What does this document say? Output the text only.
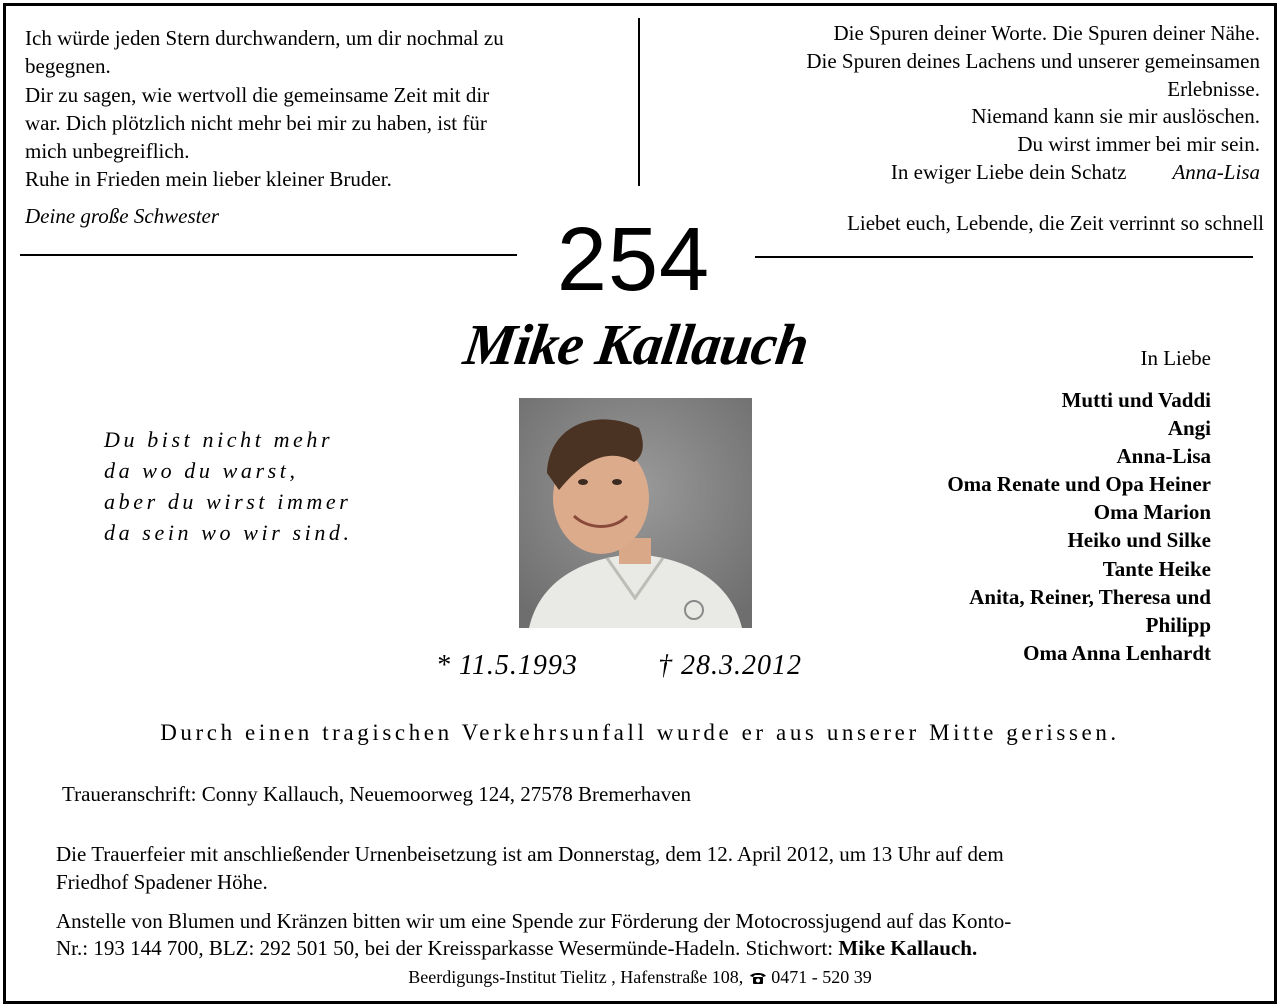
Ich würde jeden Stern durchwandern, um dir nochmal zu
begegnen.
Dir zu sagen, wie wertvoll die gemeinsame Zeit mit dir
war. Dich plötzlich nicht mehr bei mir zu haben, ist für
mich unbegreiflich.
Ruhe in Frieden mein lieber kleiner Bruder.
Deine große Schwester
Die Spuren deiner Worte. Die Spuren deiner Nähe.
Die Spuren deines Lachens und unserer gemeinsamen
Erlebnisse.
Niemand kann sie mir auslöschen.
Du wirst immer bei mir sein.
In ewiger Liebe dein Schatz Anna-Lisa
Liebet euch, Lebende, die Zeit verrinnt so schnell
254
Mike Kallauch	In Liebe
Mutti und Vaddi
Angi
Anna-Lisa
Oma Renate und Opa Heiner
Oma Marion
Heiko und Silke
Tante Heike
Anita, Reiner, Theresa und
Philipp
Oma Anna Lenhardt
Du bist nicht mehr
da wo du warst,
aber du wirst immer
da sein wo wir sind.
* 11.5.1993	† 28.3.2012
Durch einen tragischen Verkehrsunfall wurde er aus unserer Mitte gerissen.
Traueranschrift: Conny Kallauch, Neuemoorweg 124, 27578 Bremerhaven
Die Trauerfeier mit anschließender Urnenbeisetzung ist am Donnerstag, dem 12. April 2012, um 13 Uhr auf dem
Friedhof Spadener Höhe.
Anstelle von Blumen und Kränzen bitten wir um eine Spende zur Förderung der Motocrossjugend auf das Konto-
Nr.: 193 144 700, BLZ: 292 501 50, bei der Kreissparkasse Wesermünde-Hadeln. Stichwort: Mike Kallauch.
Beerdigungs-Institut Tielitz , Hafenstraße 108, 0471 - 520 39
